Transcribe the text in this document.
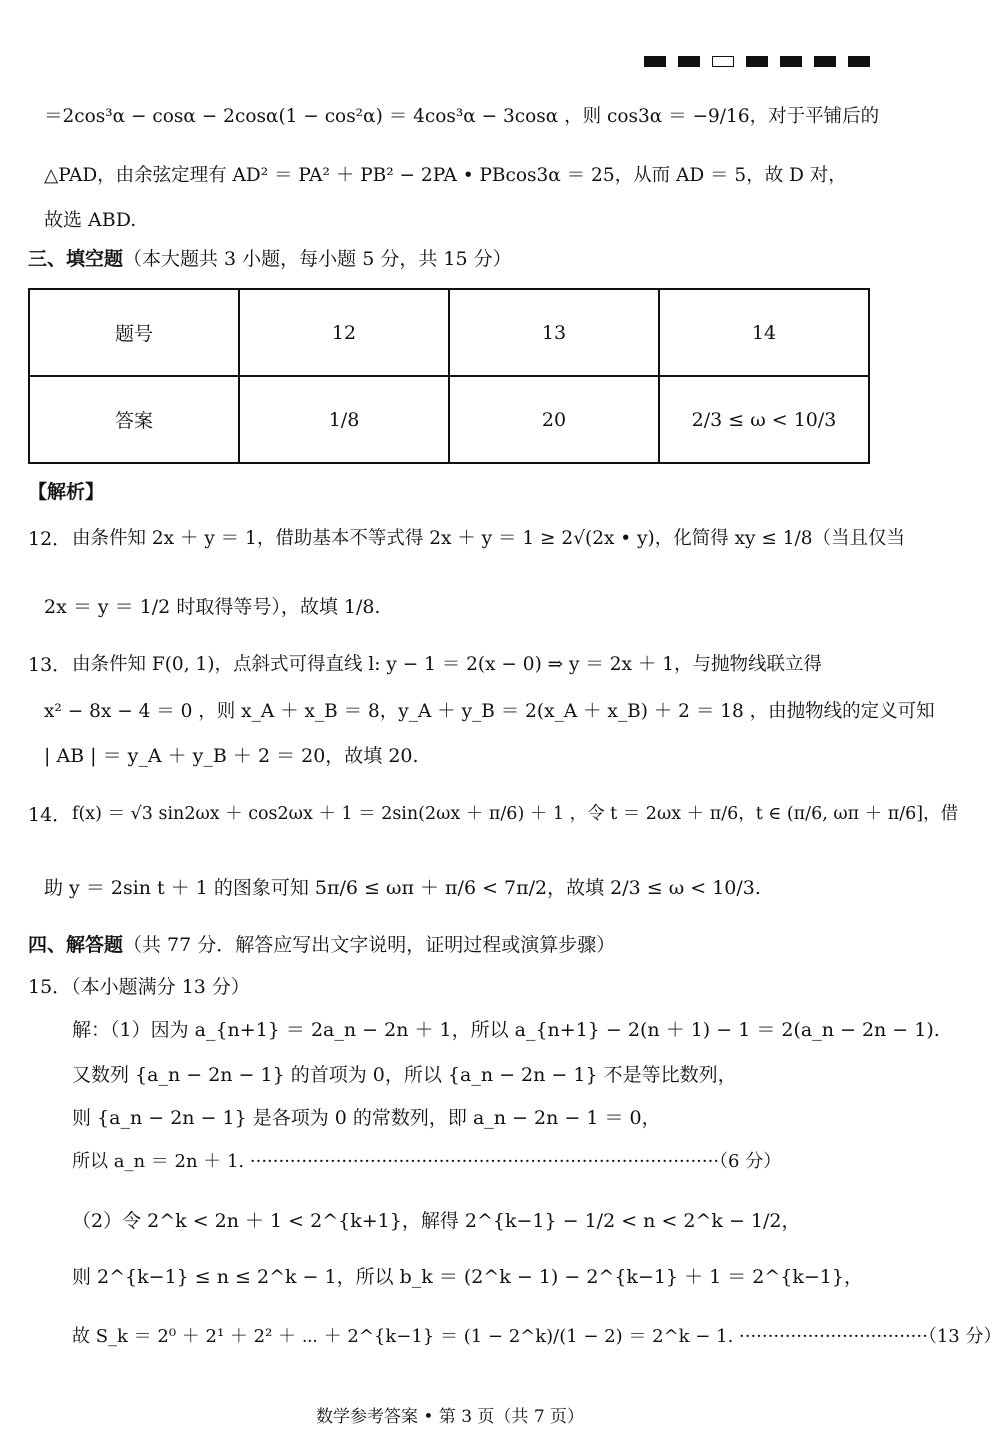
＝2cos³α − cosα − 2cosα(1 − cos²α) ＝ 4cos³α − 3cosα ，则 cos3α ＝ −9/16，对于平铺后的
△PAD，由余弦定理有 AD² ＝ PA² ＋ PB² − 2PA • PBcos3α ＝ 25，从而 AD ＝ 5，故 D 对，
故选 ABD.
三、填空题（本大题共 3 小题，每小题 5 分，共 15 分）
题号	12	13	14
答案	1/8	20	2/3 ≤ ω < 10/3
【解析】
12． 由条件知 2x ＋ y ＝ 1，借助基本不等式得 2x ＋ y ＝ 1 ≥ 2√(2x • y)，化简得 xy ≤ 1/8（当且仅当
2x ＝ y ＝ 1/2 时取得等号），故填 1/8.
13． 由条件知 F(0, 1)，点斜式可得直线 l: y − 1 ＝ 2(x − 0) ⇒ y ＝ 2x ＋ 1，与抛物线联立得
x² − 8x − 4 ＝ 0 ，则 x_A ＋ x_B ＝ 8，y_A ＋ y_B ＝ 2(x_A ＋ x_B) ＋ 2 ＝ 18 ，由抛物线的定义可知
| AB | ＝ y_A ＋ y_B ＋ 2 ＝ 20，故填 20.
14． f(x) ＝ √3 sin2ωx ＋ cos2ωx ＋ 1 ＝ 2sin(2ωx ＋ π/6) ＋ 1 ，令 t ＝ 2ωx ＋ π/6，t ∈ (π/6, ωπ ＋ π/6]，借
助 y ＝ 2sin t ＋ 1 的图象可知 5π/6 ≤ ωπ ＋ π/6 < 7π/2，故填 2/3 ≤ ω < 10/3.
四、解答题（共 77 分．解答应写出文字说明，证明过程或演算步骤）
15．（本小题满分 13 分）
解：（1）因为 a_{n+1} ＝ 2a_n − 2n ＋ 1，所以 a_{n+1} − 2(n ＋ 1) − 1 ＝ 2(a_n − 2n − 1).
又数列 {a_n − 2n − 1} 的首项为 0，所以 {a_n − 2n − 1} 不是等比数列，
则 {a_n − 2n − 1} 是各项为 0 的常数列，即 a_n − 2n − 1 ＝ 0，
所以 a_n ＝ 2n ＋ 1. ··················································································（6 分）
（2）令 2^k < 2n ＋ 1 < 2^{k+1}，解得 2^{k−1} − 1/2 < n < 2^k − 1/2，
则 2^{k−1} ≤ n ≤ 2^k − 1，所以 b_k ＝ (2^k − 1) − 2^{k−1} ＋ 1 ＝ 2^{k−1}，
故 S_k ＝ 2⁰ ＋ 2¹ ＋ 2² ＋ ⋯ ＋ 2^{k−1} ＝ (1 − 2^k)/(1 − 2) ＝ 2^k − 1. ·································（13 分）
数学参考答案 • 第 3 页（共 7 页）
